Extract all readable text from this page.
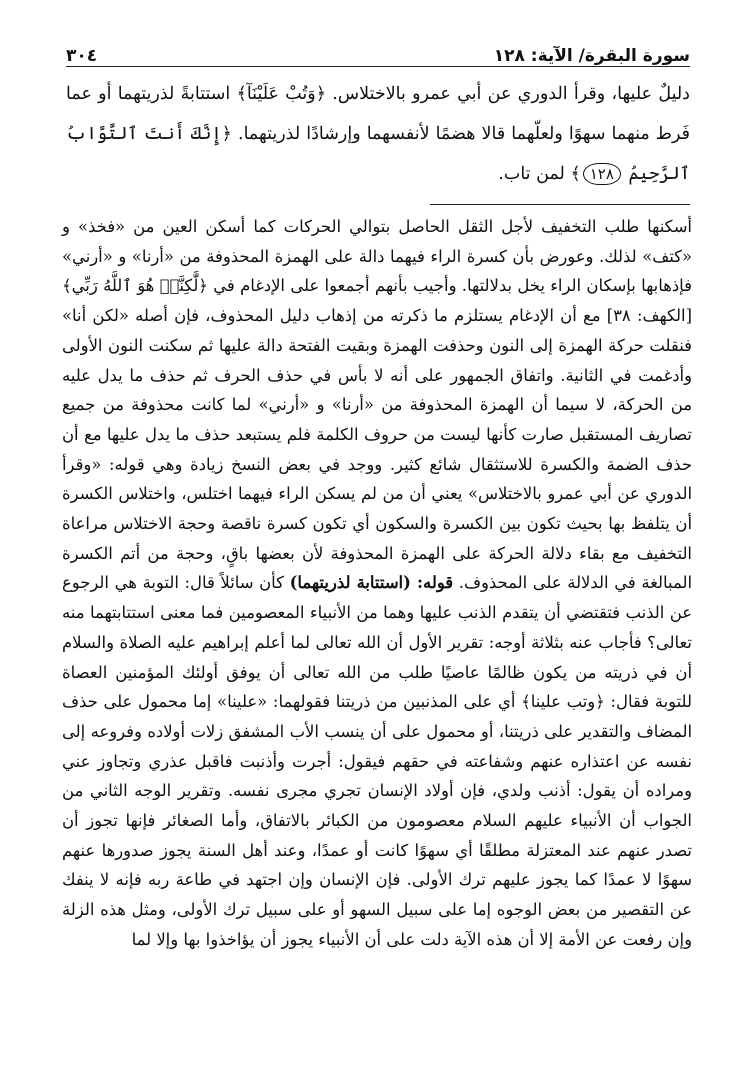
سورة البقرة/ الآية: ١٢٨
٣٠٤

دليلٌ عليها، وقرأ الدوري عن أبي عمرو بالاختلاس. ﴿وَتُبْ عَلَيْنَآ﴾ استتابةً لذريتهما أو عما فَرط منهما سهوًا ولعلّهما قالا هضمًا لأنفسهما وإرشادًا لذريتهما. ﴿إِنَّكَ أَنتَ ٱلتَّوَّابُ ٱلرَّحِيمُ ١٢٨﴾ لمن تاب.

أسكنها طلب التخفيف لأجل الثقل الحاصل بتوالي الحركات كما أسكن العين من «فخذ» و «كتف» لذلك. وعورض بأن كسرة الراء فيهما دالة على الهمزة المحذوفة من «أرنا» و «أرني» فإذهابها بإسكان الراء يخل بدلالتها. وأجيب بأنهم أجمعوا على الإدغام في ﴿لَّٰكِنَّا۠ هُوَ ٱللَّهُ رَبِّي﴾ [الكهف: ٣٨] مع أن الإدغام يستلزم ما ذكرته من إذهاب دليل المحذوف، فإن أصله «لكن أنا» فنقلت حركة الهمزة إلى النون وحذفت الهمزة وبقيت الفتحة دالة عليها ثم سكنت النون الأولى وأدغمت في الثانية. واتفاق الجمهور على أنه لا بأس في حذف الحرف ثم حذف ما يدل عليه من الحركة، لا سيما أن الهمزة المحذوفة من «أرنا» و «أرني» لما كانت محذوفة من جميع تصاريف المستقبل صارت كأنها ليست من حروف الكلمة فلم يستبعد حذف ما يدل عليها مع أن حذف الضمة والكسرة للاستثقال شائع كثير. ووجد في بعض النسخ زيادة وهي قوله: «وقرأ الدوري عن أبي عمرو بالاختلاس» يعني أن من لم يسكن الراء فيهما اختلس، واختلاس الكسرة أن يتلفظ بها بحيث تكون بين الكسرة والسكون أي تكون كسرة ناقصة وحجة الاختلاس مراعاة التخفيف مع بقاء دلالة الحركة على الهمزة المحذوفة لأن بعضها باقٍ، وحجة من أتم الكسرة المبالغة في الدلالة على المحذوف. قوله: (استتابة لذريتهما) كأن سائلاً قال: التوبة هي الرجوع عن الذنب فتقتضي أن يتقدم الذنب عليها وهما من الأنبياء المعصومين فما معنى استتابتهما منه تعالى؟ فأجاب عنه بثلاثة أوجه: تقرير الأول أن الله تعالى لما أعلم إبراهيم عليه الصلاة والسلام أن في ذريته من يكون ظالمًا عاصيًا طلب من الله تعالى أن يوفق أولئك المؤمنين العصاة للتوبة فقال: ﴿وتب علينا﴾ أي على المذنبين من ذريتنا فقولهما: «علينا» إما محمول على حذف المضاف والتقدير على ذريتنا، أو محمول على أن ينسب الأب المشفق زلات أولاده وفروعه إلى نفسه عن اعتذاره عنهم وشفاعته في حقهم فيقول: أجرت وأذنبت فاقبل عذري وتجاوز عني ومراده أن يقول: أذنب ولدي، فإن أولاد الإنسان تجري مجرى نفسه. وتقرير الوجه الثاني من الجواب أن الأنبياء عليهم السلام معصومون من الكبائر بالاتفاق، وأما الصغائر فإنها تجوز أن تصدر عنهم عند المعتزلة مطلقًا أي سهوًا كانت أو عمدًا، وعند أهل السنة يجوز صدورها عنهم سهوًا لا عمدًا كما يجوز عليهم ترك الأولى. فإن الإنسان وإن اجتهد في طاعة ربه فإنه لا ينفك عن التقصير من بعض الوجوه إما على سبيل السهو أو على سبيل ترك الأولى، ومثل هذه الزلة وإن رفعت عن الأمة إلا أن هذه الآية دلت على أن الأنبياء يجوز أن يؤاخذوا بها وإلا لما
